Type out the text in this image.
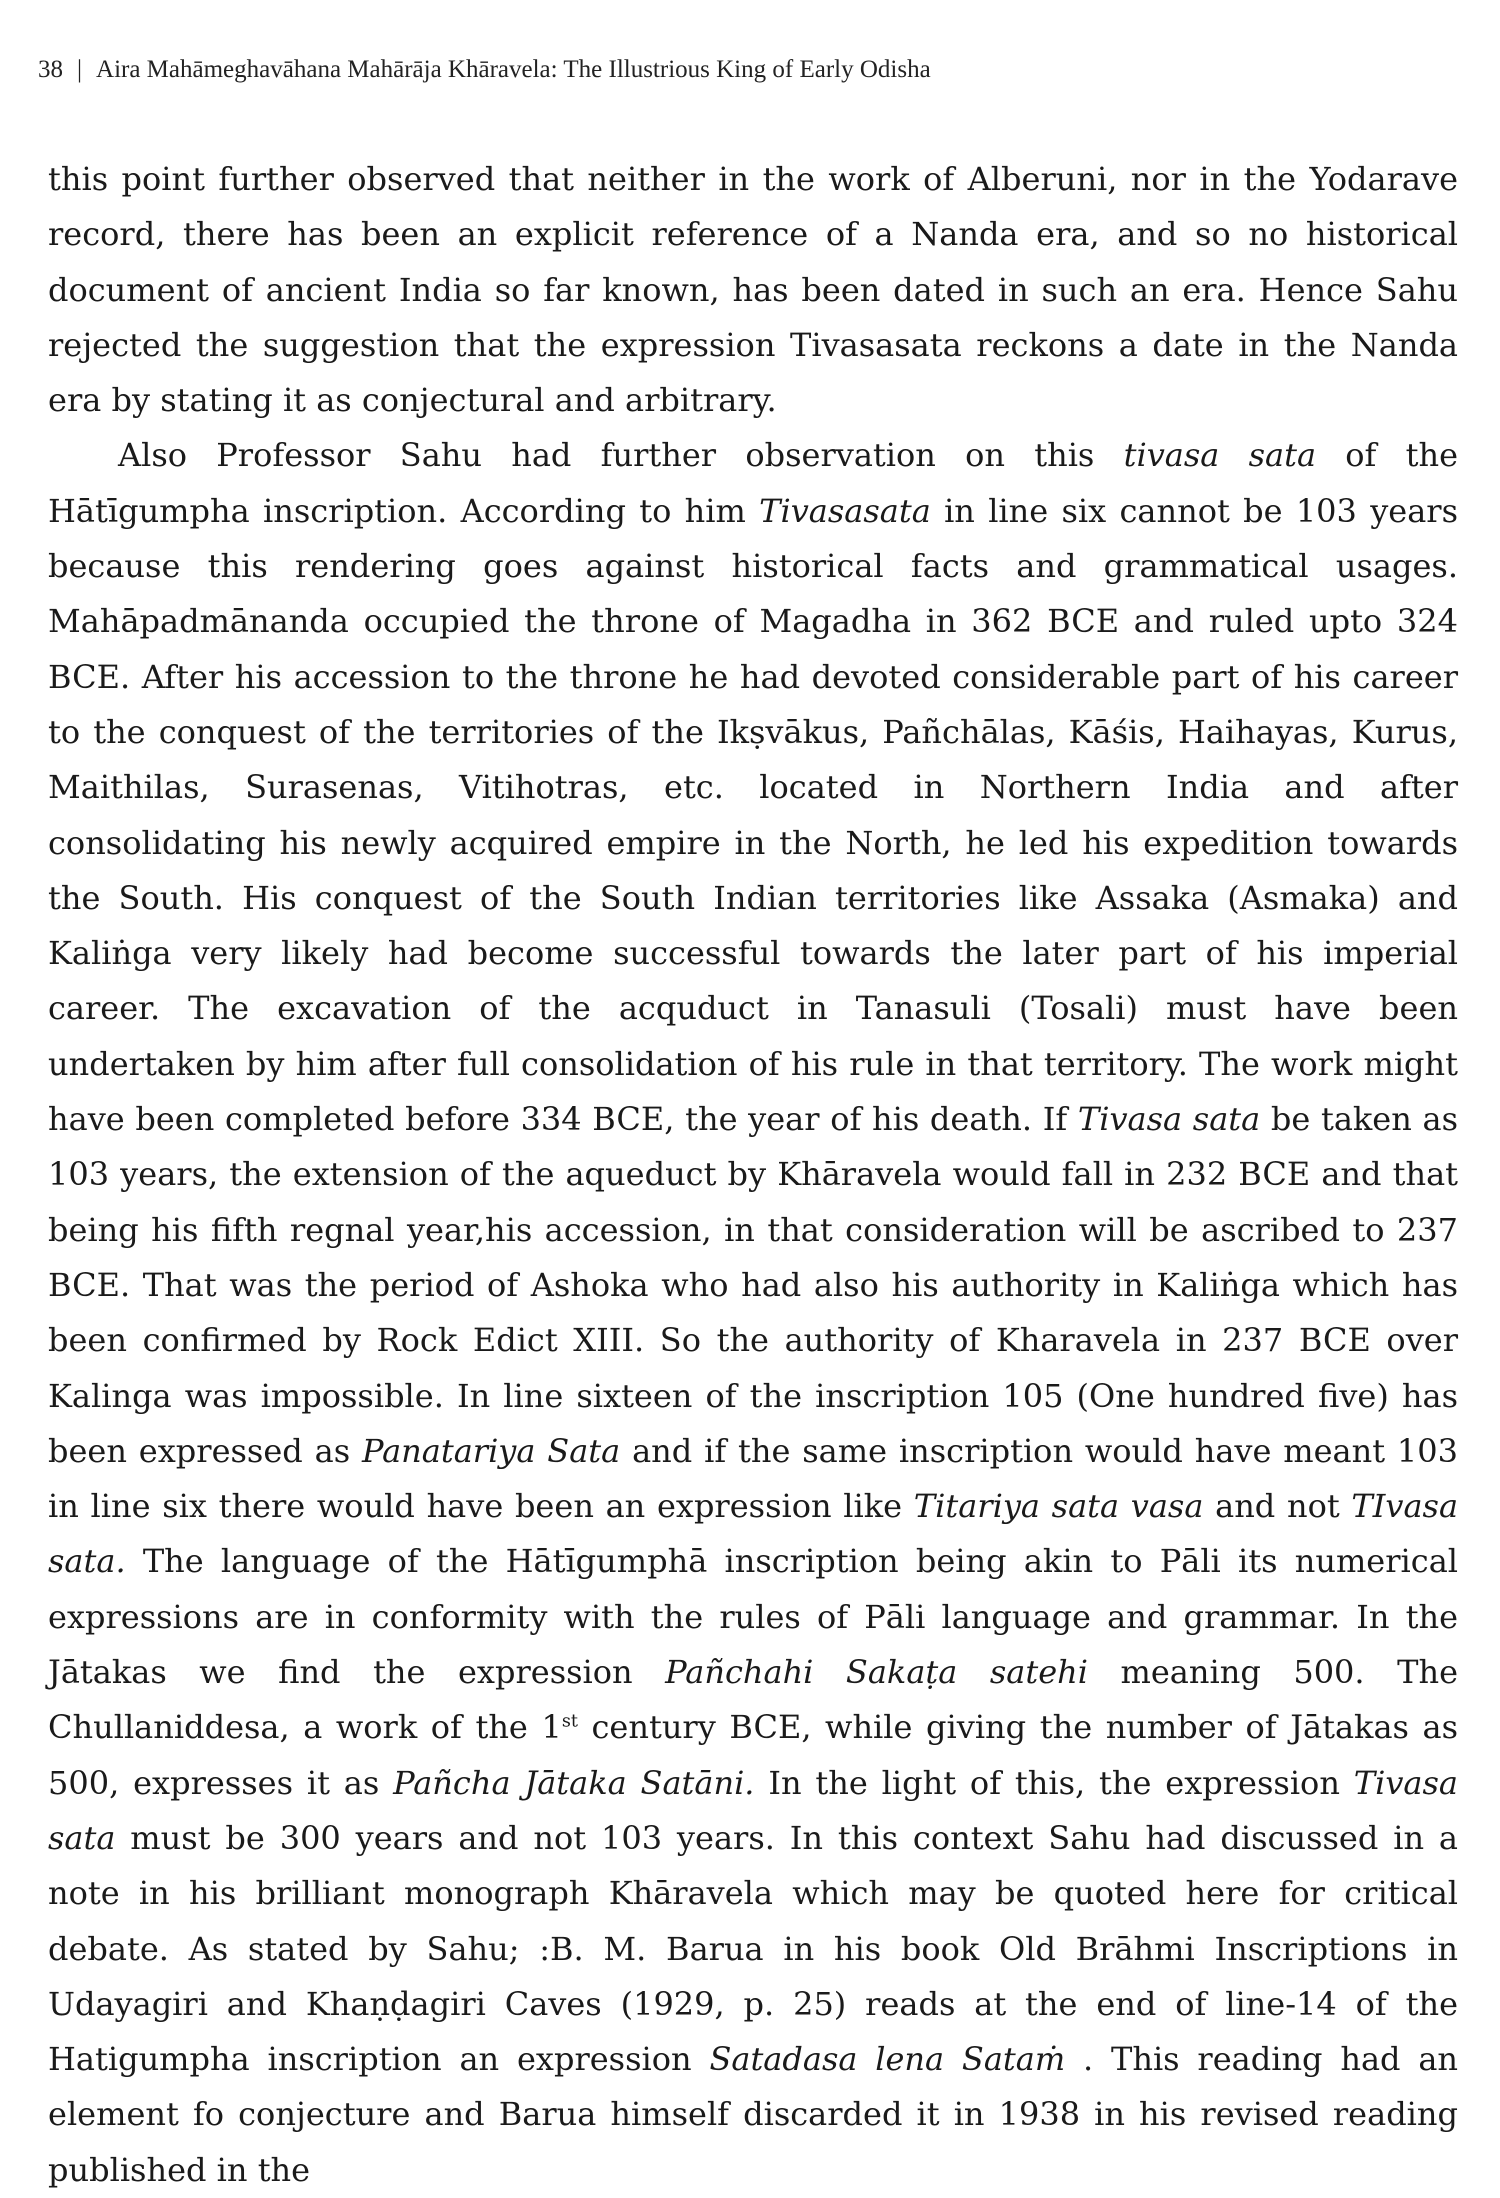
38 | Aira Mahāmeghavāhana Mahārāja Khāravela: The Illustrious King of Early Odisha

this point further observed that neither in the work of Alberuni, nor in the Yodarave record, there has been an explicit reference of a Nanda era, and so no historical document of ancient India so far known, has been dated in such an era. Hence Sahu rejected the suggestion that the expression Tivasasata reckons a date in the Nanda era by stating it as conjectural and arbitrary.

Also Professor Sahu had further observation on this tivasa sata of the Hātīgumpha inscription. According to him Tivasasata in line six cannot be 103 years because this rendering goes against historical facts and grammatical usages. Mahāpadmānanda occupied the throne of Magadha in 362 BCE and ruled upto 324 BCE. After his accession to the throne he had devoted considerable part of his career to the conquest of the territories of the Ikṣvākus, Pañchālas, Kāśis, Haihayas, Kurus, Maithilas, Surasenas, Vitihotras, etc. located in Northern India and after consolidating his newly acquired empire in the North, he led his expedition towards the South. His conquest of the South Indian territories like Assaka (Asmaka) and Kaliṅga very likely had become successful towards the later part of his imperial career. The excavation of the acquduct in Tanasuli (Tosali) must have been undertaken by him after full consolidation of his rule in that territory. The work might have been completed before 334 BCE, the year of his death. If Tivasa sata be taken as 103 years, the extension of the aqueduct by Khāravela would fall in 232 BCE and that being his fifth regnal year,his accession, in that consideration will be ascribed to 237 BCE. That was the period of Ashoka who had also his authority in Kaliṅga which has been confirmed by Rock Edict XIII. So the authority of Kharavela in 237 BCE over Kalinga was impossible. In line sixteen of the inscription 105 (One hundred five) has been expressed as Panatariya Sata and if the same inscription would have meant 103 in line six there would have been an expression like Titariya sata vasa and not TIvasa sata. The language of the Hātīgumphā inscription being akin to Pāli its numerical expressions are in conformity with the rules of Pāli language and grammar. In the Jātakas we find the expression Pañchahi Sakaṭa satehi meaning 500. The Chullaniddesa, a work of the 1st century BCE, while giving the number of Jātakas as 500, expresses it as Pañcha Jātaka Satāni. In the light of this, the expression Tivasa sata must be 300 years and not 103 years. In this context Sahu had discussed in a note in his brilliant monograph Khāravela which may be quoted here for critical debate. As stated by Sahu; :B. M. Barua in his book Old Brāhmi Inscriptions in Udayagiri and Khaṇḍagiri Caves (1929, p. 25) reads at the end of line-14 of the Hatigumpha inscription an expression Satadasa lena Sataṁ . This reading had an element fo conjecture and Barua himself discarded it in 1938 in his revised reading published in the
